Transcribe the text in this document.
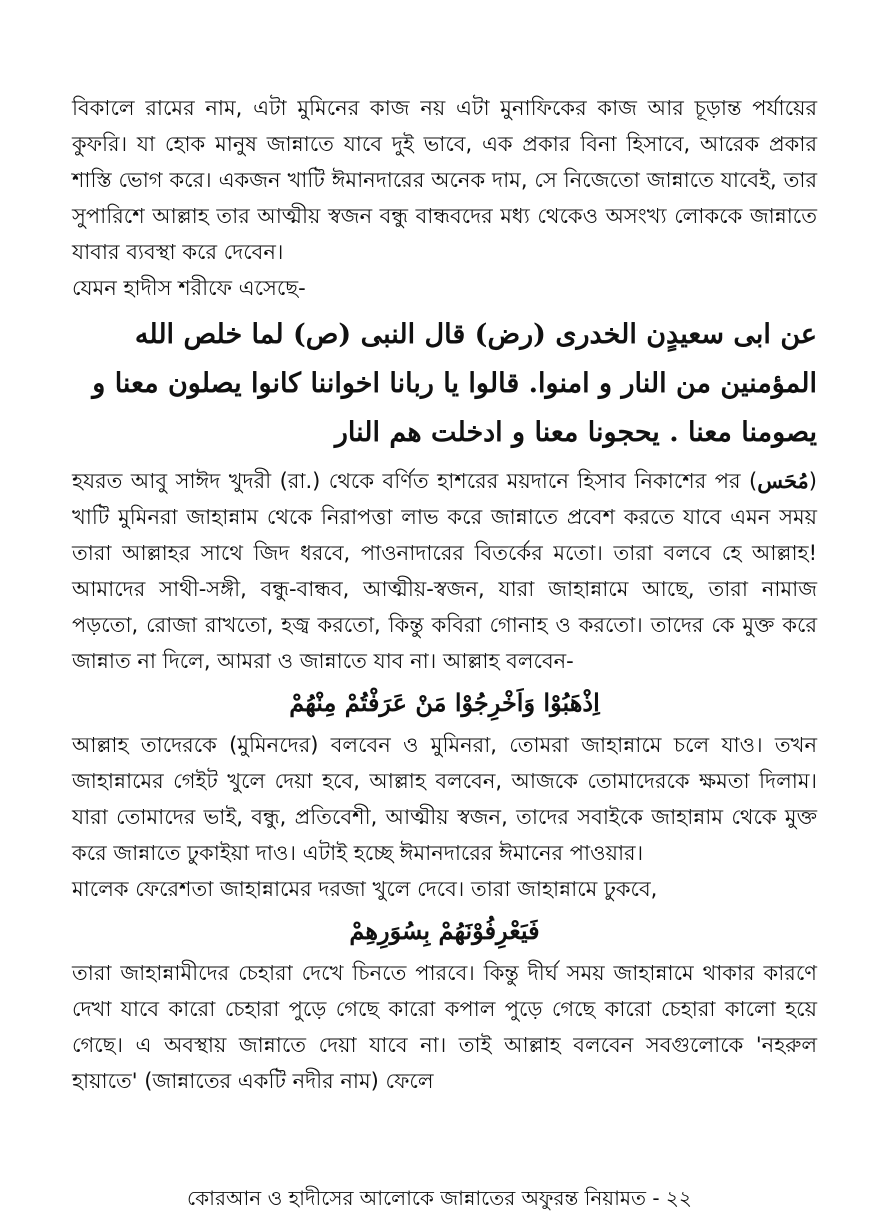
বিকালে রামের নাম, এটা মুমিনের কাজ নয় এটা মুনাফিকের কাজ আর চূড়ান্ত পর্যায়ের কুফরি। যা হোক মানুষ জান্নাতে যাবে দুই ভাবে, এক প্রকার বিনা হিসাবে, আরেক প্রকার শাস্তি ভোগ করে। একজন খাটি ঈমানদারের অনেক দাম, সে নিজেতো জান্নাতে যাবেই, তার সুপারিশে আল্লাহ তার আত্মীয় স্বজন বন্ধু বান্ধবদের মধ্য থেকেও অসংখ্য লোককে জান্নাতে যাবার ব্যবস্থা করে দেবেন।

যেমন হাদীস শরীফে এসেছে-

عن ابى سعيدٍن الخدرى (رض) قال النبى (ص) لما خلص الله المؤمنين من النار و امنوا. قالوا يا ربانا اخواننا كانوا يصلون معنا و يصومنا معنا . يحجونا معنا و ادخلت هم النار

হযরত আবু সাঈদ খুদরী (রা.) থেকে বর্ণিত হাশরের ময়দানে হিসাব নিকাশের পর (مُحَس) খাটি মুমিনরা জাহান্নাম থেকে নিরাপত্তা লাভ করে জান্নাতে প্রবেশ করতে যাবে এমন সময় তারা আল্লাহর সাথে জিদ ধরবে, পাওনাদারের বিতর্কের মতো। তারা বলবে হে আল্লাহ! আমাদের সাথী-সঙ্গী, বন্ধু-বান্ধব, আত্মীয়-স্বজন, যারা জাহান্নামে আছে, তারা নামাজ পড়তো, রোজা রাখতো, হজ্ব করতো, কিন্তু কবিরা গোনাহ ও করতো। তাদের কে মুক্ত করে জান্নাত না দিলে, আমরা ও জান্নাতে যাব না। আল্লাহ বলবেন-

اِذْهَبُوْا وَاَخْرِجُوْا مَنْ عَرَفْتُمْ مِنْهُمْ

আল্লাহ তাদেরকে (মুমিনদের) বলবেন ও মুমিনরা, তোমরা জাহান্নামে চলে যাও। তখন জাহান্নামের গেইট খুলে দেয়া হবে, আল্লাহ বলবেন, আজকে তোমাদেরকে ক্ষমতা দিলাম। যারা তোমাদের ভাই, বন্ধু, প্রতিবেশী, আত্মীয় স্বজন, তাদের সবাইকে জাহান্নাম থেকে মুক্ত করে জান্নাতে ঢুকাইয়া দাও। এটাই হচ্ছে ঈমানদারের ঈমানের পাওয়ার।

মালেক ফেরেশতা জাহান্নামের দরজা খুলে দেবে। তারা জাহান্নামে ঢুকবে,

فَيَعْرِفُوْنَهُمْ بِسُوَرِهِمْ

তারা জাহান্নামীদের চেহারা দেখে চিনতে পারবে। কিন্তু দীর্ঘ সময় জাহান্নামে থাকার কারণে দেখা যাবে কারো চেহারা পুড়ে গেছে কারো কপাল পুড়ে গেছে কারো চেহারা কালো হয়ে গেছে। এ অবস্থায় জান্নাতে দেয়া যাবে না। তাই আল্লাহ বলবেন সবগুলোকে 'নহরুল হায়াতে' (জান্নাতের একটি নদীর নাম) ফেলে

কোরআন ও হাদীসের আলোকে জান্নাতের অফুরন্ত নিয়ামত - ২২
